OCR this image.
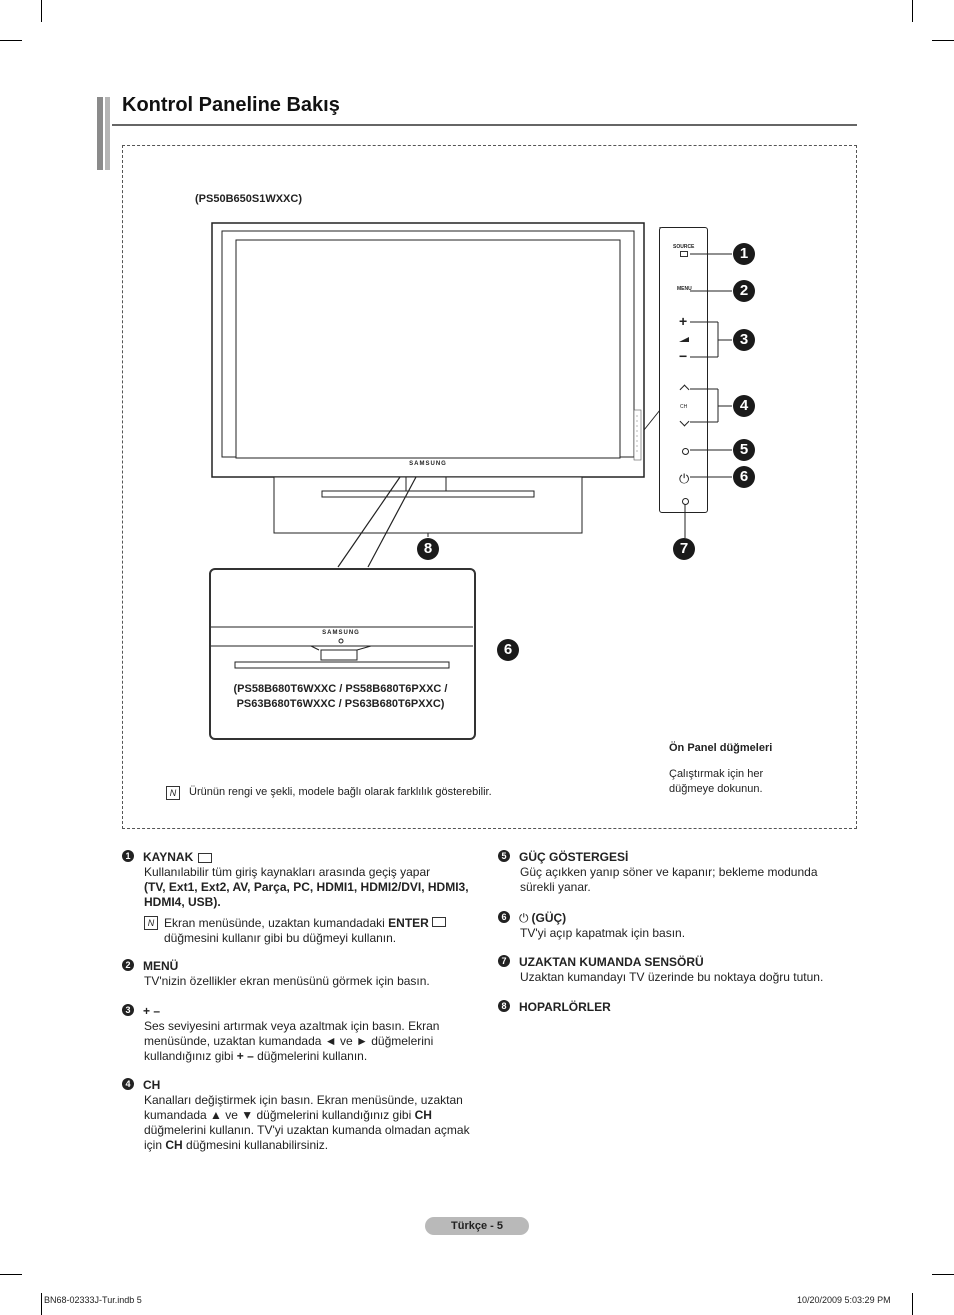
Kontrol Paneline Bakış
(PS50B650S1WXXC)
SAMSUNG
8
SAMSUNG
6
(PS58B680T6WXXC / PS58B680T6PXXC /
PS63B680T6WXXC / PS63B680T6PXXC)
SOURCE
MENU
+
−
CH
⏻
1
2
3
4
5
6
7
Ön Panel düğmeleri
Çalıştırmak için her düğmeye dokunun.
N	Ürünün rengi ve şekli, modele bağlı olarak farklılık gösterebilir.
1 KAYNAK
Kullanılabilir tüm giriş kaynakları arasında geçiş yapar
(TV, Ext1, Ext2, AV, Parça, PC, HDMI1, HDMI2/DVI, HDMI3, HDMI4, USB).
N Ekran menüsünde, uzaktan kumandadaki ENTER  düğmesini kullanır gibi bu düğmeyi kullanın.
2 MENÜ
TV'nizin özellikler ekran menüsünü görmek için basın.
3 + –
Ses seviyesini artırmak veya azaltmak için basın. Ekran menüsünde, uzaktan kumandada ◄ ve ► düğmelerini kullandığınız gibi + – düğmelerini kullanın.
4 CH
Kanalları değiştirmek için basın. Ekran menüsünde, uzaktan kumandada ▲ ve ▼ düğmelerini kullandığınız gibi CH düğmelerini kullanın. TV'yi uzaktan kumanda olmadan açmak için CH düğmesini kullanabilirsiniz.
5 GÜÇ GÖSTERGESİ
Güç açıkken yanıp söner ve kapanır; bekleme modunda sürekli yanar.
6 ⏻ (GÜÇ)
TV'yi açıp kapatmak için basın.
7 UZAKTAN KUMANDA SENSÖRÜ
Uzaktan kumandayı TV üzerinde bu noktaya doğru tutun.
8 HOPARLÖRLER
Türkçe - 5
BN68-02333J-Tur.indb 5	10/20/2009 5:03:29 PM
